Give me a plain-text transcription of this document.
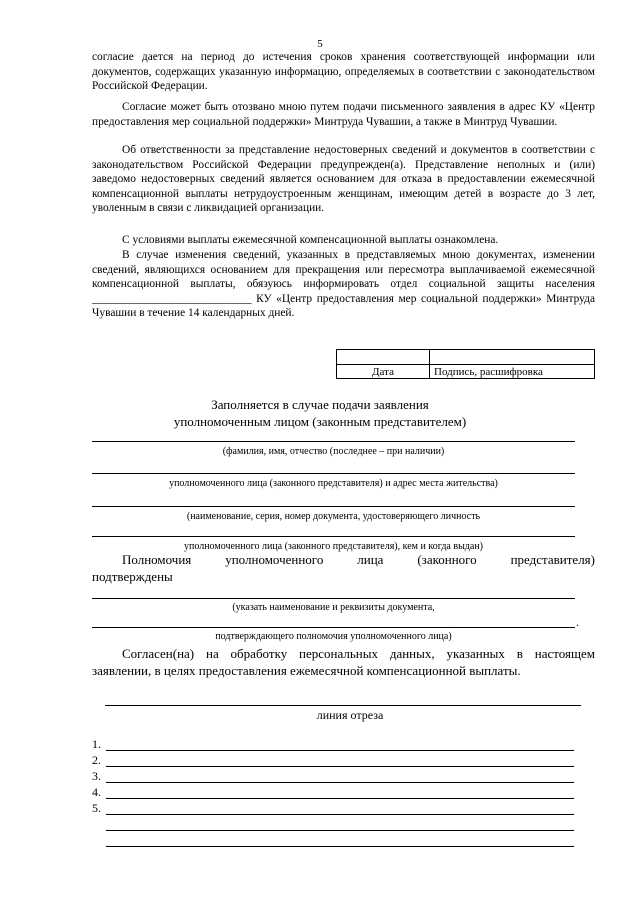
5
согласие дается на период до истечения сроков хранения соответствующей информации или документов, содержащих указанную информацию, определяемых в соответствии с законодательством Российской Федерации.
Согласие может быть отозвано мною путем подачи письменного заявления в адрес КУ «Центр предоставления мер социальной поддержки» Минтруда Чувашии, а также в Минтруд Чувашии.
Об ответственности за представление недостоверных сведений и документов в соответствии с законодательством Российской Федерации предупрежден(а). Представление неполных и (или) заведомо недостоверных сведений является основанием для отказа в предоставлении ежемесячной компенсационной выплаты нетрудоустроенным женщинам, имеющим детей в возрасте до 3 лет, уволенным в связи с ликвидацией организации.
С условиями выплаты ежемесячной компенсационной выплаты ознакомлена.
В случае изменения сведений, указанных в представляемых мною документах, изменении сведений, являющихся основанием для прекращения или пересмотра выплачиваемой ежемесячной компенсационной выплаты, обязуюсь информировать отдел социальной защиты населения ____________________________ КУ «Центр предоставления мер социальной поддержки» Минтруда Чувашии в течение 14 календарных дней.

Дата	Подпись, расшифровка
Заполняется в случае подачи заявления
уполномоченным лицом (законным представителем)
(фамилия, имя, отчество (последнее – при наличии)
уполномоченного лица (законного представителя) и адрес места жительства)
(наименование, серия, номер документа, удостоверяющего личность
уполномоченного лица (законного представителя), кем и когда выдан)
Полномочия уполномоченного лица (законного представителя) подтверждены
(указать наименование и реквизиты документа,
.
подтверждающего полномочия уполномоченного лица)
Согласен(на) на обработку персональных данных, указанных в настоящем заявлении, в целях предоставления ежемесячной компенсационной выплаты.
линия отреза
1.
2.
3.
4.
5.
